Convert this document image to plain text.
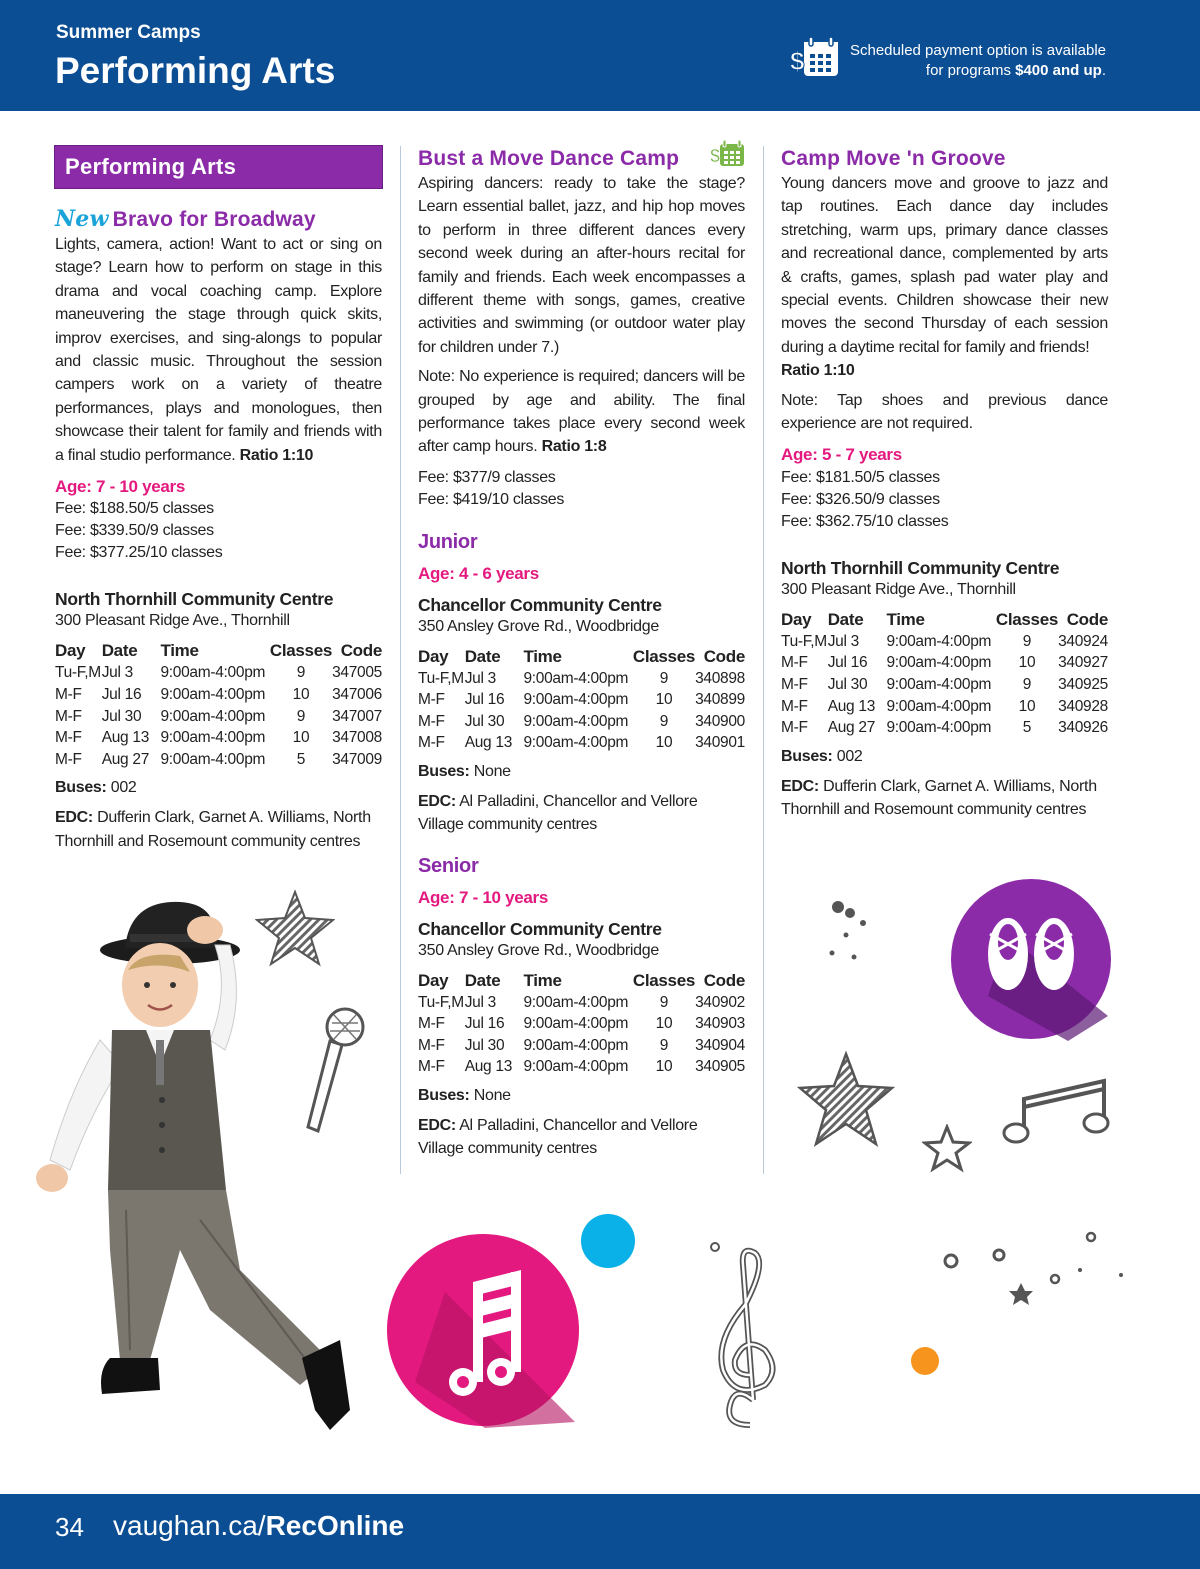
Summer Camps
Performing Arts	$	Scheduled payment option is available
for programs $400 and up.
Performing Arts
New Bravo for Broadway
Lights, camera, action! Want to act or sing on stage? Learn how to perform on stage in this drama and vocal coaching camp. Explore maneuvering the stage through quick skits, improv exercises, and sing-alongs to popular and classic music. Throughout the session campers work on a variety of theatre performances, plays and monologues, then showcase their talent for family and friends with a final studio performance. Ratio 1:10
Age: 7 - 10 years
Fee: $188.50/5 classes
Fee: $339.50/9 classes
Fee: $377.25/10 classes
North Thornhill Community Centre
300 Pleasant Ridge Ave., Thornhill
Day	Date	Time	Classes	Code
Tu-F,M	Jul 3	9:00am-4:00pm	9	347005
M-F	Jul 16	9:00am-4:00pm	10	347006
M-F	Jul 30	9:00am-4:00pm	9	347007
M-F	Aug 13	9:00am-4:00pm	10	347008
M-F	Aug 27	9:00am-4:00pm	5	347009
Buses: 002
EDC: Dufferin Clark, Garnet A. Williams, North Thornhill and Rosemount community centres
Bust a Move Dance Camp
Aspiring dancers: ready to take the stage? Learn essential ballet, jazz, and hip hop moves to perform in three different dances every second week during an after-hours recital for family and friends. Each week encompasses a different theme with songs, games, creative activities and swimming (or outdoor water play for children under 7.)
Note: No experience is required; dancers will be grouped by age and ability. The final performance takes place every second week after camp hours. Ratio 1:8
Fee: $377/9 classes
Fee: $419/10 classes
Junior
Age: 4 - 6 years
Chancellor Community Centre
350 Ansley Grove Rd., Woodbridge
Day	Date	Time	Classes	Code
Tu-F,M	Jul 3	9:00am-4:00pm	9	340898
M-F	Jul 16	9:00am-4:00pm	10	340899
M-F	Jul 30	9:00am-4:00pm	9	340900
M-F	Aug 13	9:00am-4:00pm	10	340901
Buses: None
EDC: Al Palladini, Chancellor and Vellore Village community centres
Senior
Age: 7 - 10 years
Chancellor Community Centre
350 Ansley Grove Rd., Woodbridge
Day	Date	Time	Classes	Code
Tu-F,M	Jul 3	9:00am-4:00pm	9	340902
M-F	Jul 16	9:00am-4:00pm	10	340903
M-F	Jul 30	9:00am-4:00pm	9	340904
M-F	Aug 13	9:00am-4:00pm	10	340905
Buses: None
EDC: Al Palladini, Chancellor and Vellore Village community centres
$	Camp Move 'n Groove
Young dancers move and groove to jazz and tap routines. Each dance day includes stretching, warm ups, primary dance classes and recreational dance, complemented by arts & crafts, games, splash pad water play and special events. Children showcase their new moves the second Thursday of each session during a daytime recital for family and friends!
Ratio 1:10
Note: Tap shoes and previous dance experience are not required.
Age: 5 - 7 years
Fee: $181.50/5 classes
Fee: $326.50/9 classes
Fee: $362.75/10 classes
North Thornhill Community Centre
300 Pleasant Ridge Ave., Thornhill
Day	Date	Time	Classes	Code
Tu-F,M	Jul 3	9:00am-4:00pm	9	340924
M-F	Jul 16	9:00am-4:00pm	10	340927
M-F	Jul 30	9:00am-4:00pm	9	340925
M-F	Aug 13	9:00am-4:00pm	10	340928
M-F	Aug 27	9:00am-4:00pm	5	340926
Buses: 002
EDC: Dufferin Clark, Garnet A. Williams, North Thornhill and Rosemount community centres
34 vaughan.ca/RecOnline
